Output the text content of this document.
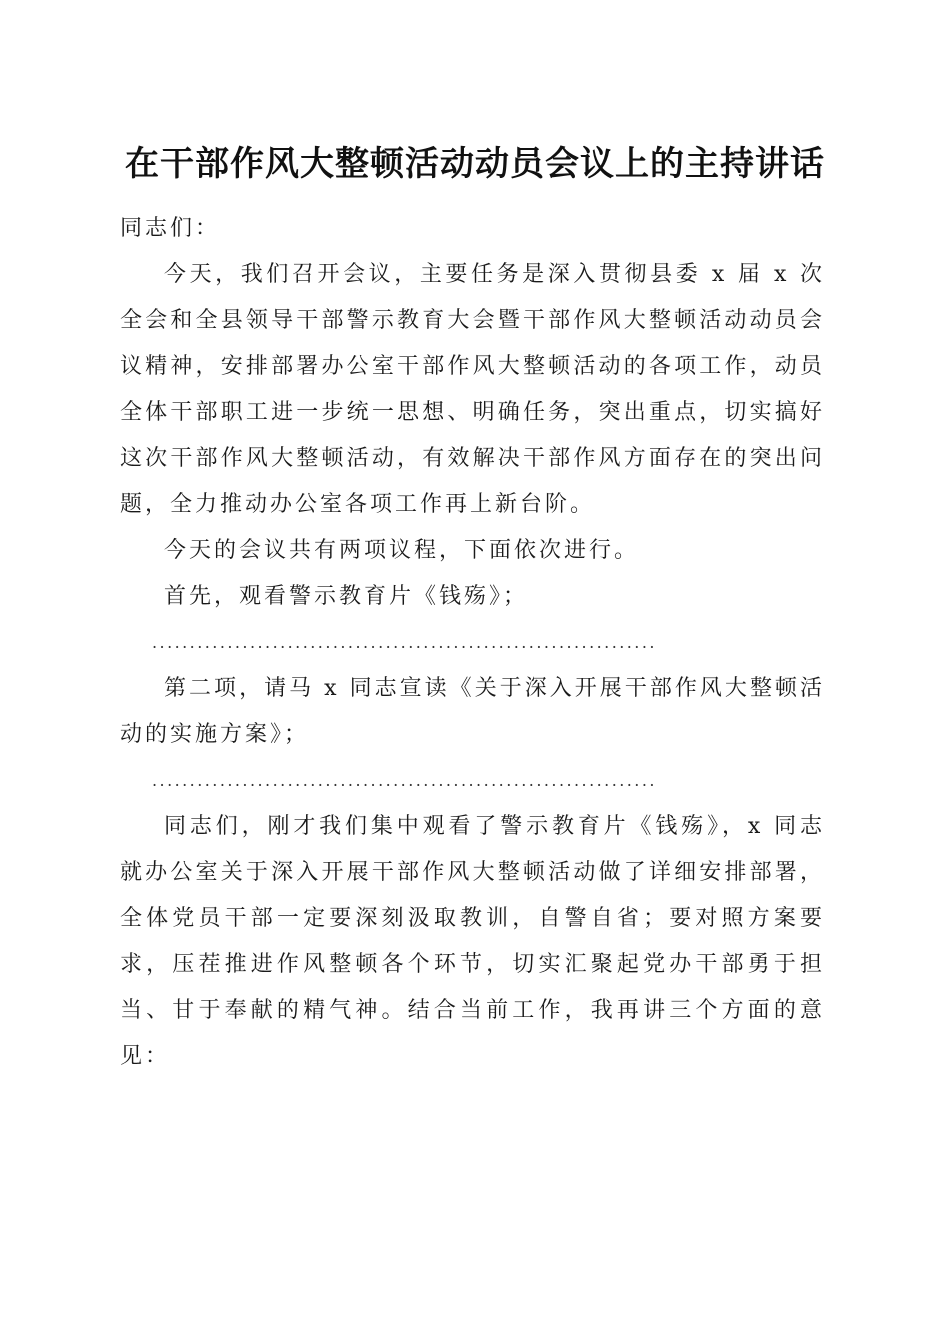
在干部作风大整顿活动动员会议上的主持讲话

同志们：

今天，我们召开会议，主要任务是深入贯彻县委 x 届 x 次全会和全县领导干部警示教育大会暨干部作风大整顿活动动员会议精神，安排部署办公室干部作风大整顿活动的各项工作，动员全体干部职工进一步统一思想、明确任务，突出重点，切实搞好这次干部作风大整顿活动，有效解决干部作风方面存在的突出问题，全力推动办公室各项工作再上新台阶。

今天的会议共有两项议程，下面依次进行。

首先，观看警示教育片《钱殇》；

...................................................................

第二项，请马 x 同志宣读《关于深入开展干部作风大整顿活动的实施方案》；

...................................................................

同志们，刚才我们集中观看了警示教育片《钱殇》，x 同志就办公室关于深入开展干部作风大整顿活动做了详细安排部署，全体党员干部一定要深刻汲取教训，自警自省；要对照方案要求，压茬推进作风整顿各个环节，切实汇聚起党办干部勇于担当、甘于奉献的精气神。结合当前工作，我再讲三个方面的意见：
